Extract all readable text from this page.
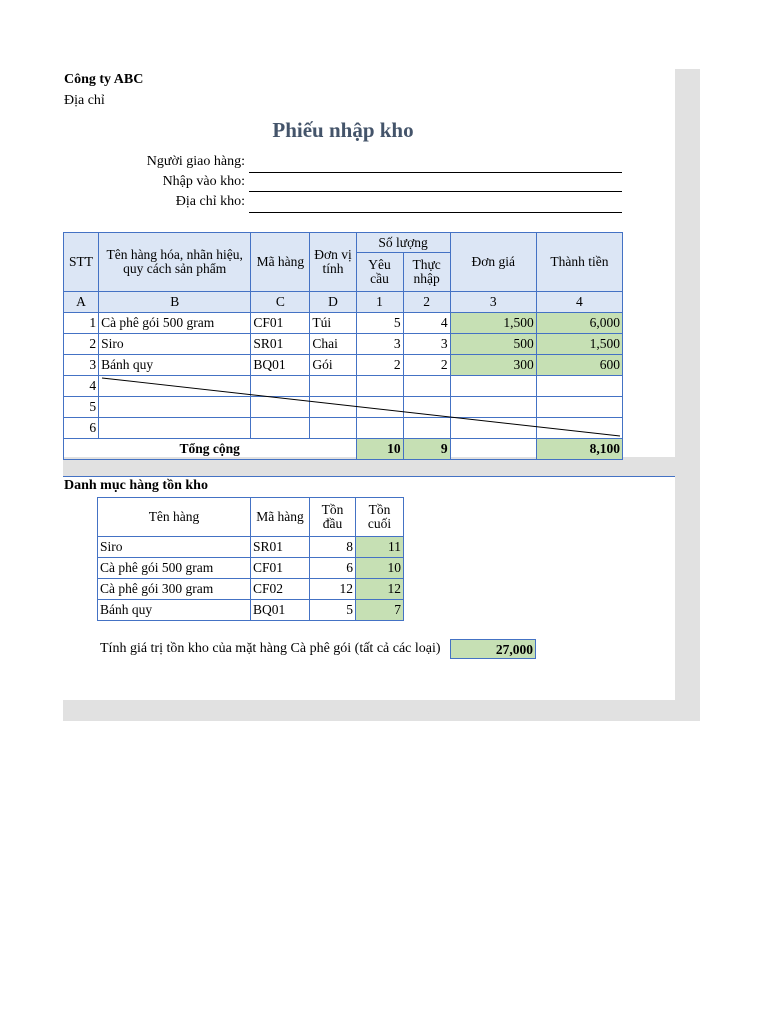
Công ty ABC
Địa chỉ
Phiếu nhập kho
Người giao hàng:
Nhập vào kho:
Địa chỉ kho:
STT	Tên hàng hóa, nhãn hiệu, quy cách sản phẩm	Mã hàng	Đơn vị tính	Số lượng		Đơn giá	Thành tiền
				Yêu cầu	Thực nhập		
A	B	C	D	1	2	3	4
1	Cà phê gói 500 gram	CF01	Túi	5	4	1,500	6,000
2	Siro	SR01	Chai	3	3	500	1,500
3	Bánh quy	BQ01	Gói	2	2	300	600
4							
5							
6							
Tổng cộng				10	9		8,100
Danh mục hàng tồn kho
Tên hàng	Mã hàng	Tồn đầu	Tồn cuối
Siro	SR01	8	11
Cà phê gói 500 gram	CF01	6	10
Cà phê gói 300 gram	CF02	12	12
Bánh quy	BQ01	5	7
Tính giá trị tồn kho của mặt hàng Cà phê gói (tất cả các loại)	27,000
